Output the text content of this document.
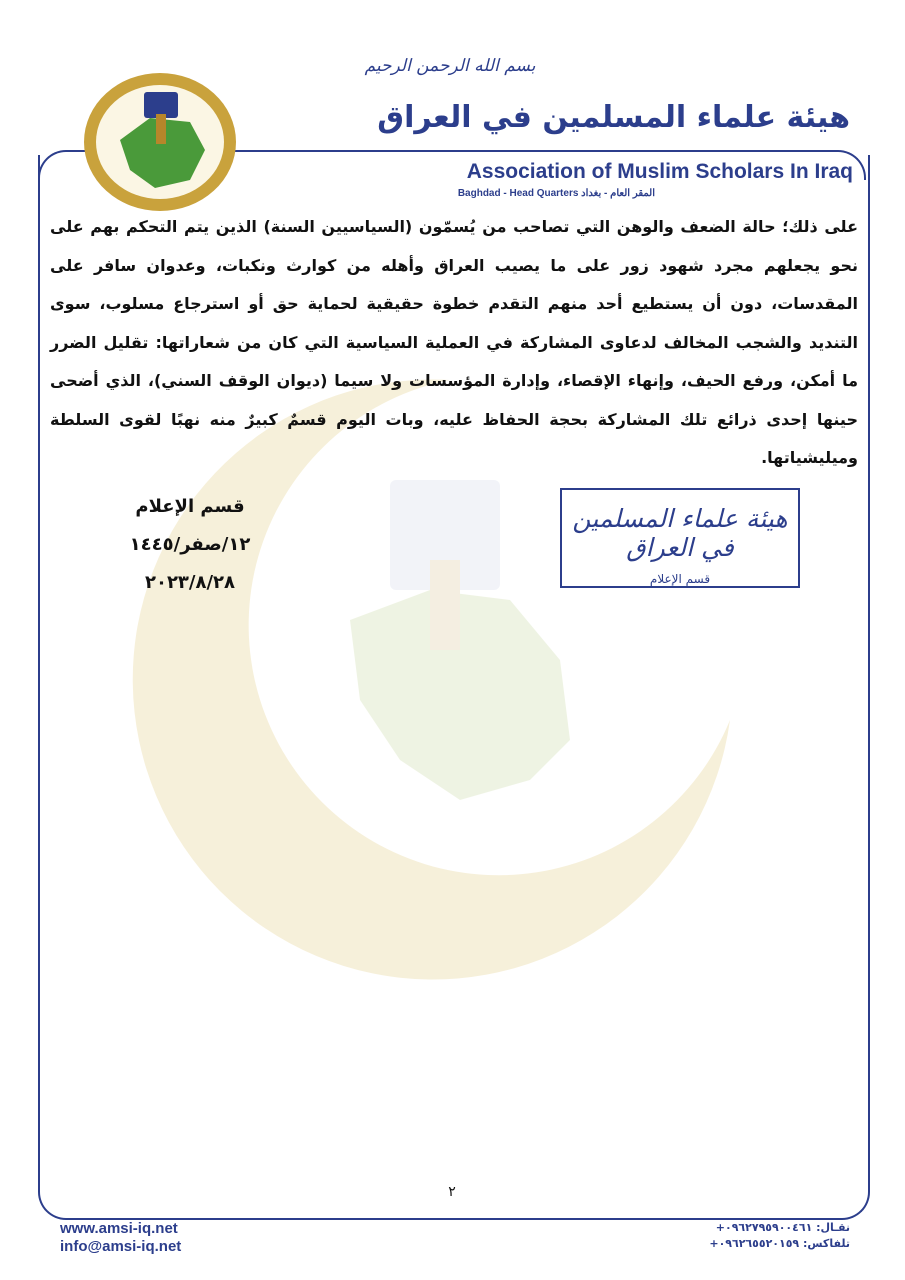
بسم الله الرحمن الرحيم
هيئة علماء المسلمين في العراق
Association of Muslim Scholars In Iraq
Baghdad - Head Quarters المقر العام - بغداد
على ذلك؛ حالة الضعف والوهن التي تصاحب من يُسمّون (السياسيين السنة) الذين يتم التحكم بهم على نحو يجعلهم مجرد شهود زور على ما يصيب العراق وأهله من كوارث ونكبات، وعدوان سافر على المقدسات، دون أن يستطيع أحد منهم التقدم خطوة حقيقية لحماية حق أو استرجاع مسلوب، سوى التنديد والشجب المخالف لدعاوى المشاركة في العملية السياسية التي كان من شعاراتها: تقليل الضرر ما أمكن، ورفع الحيف، وإنهاء الإقصاء، وإدارة المؤسسات ولا سيما (ديوان الوقف السني)، الذي أضحى حينها إحدى ذرائع تلك المشاركة بحجة الحفاظ عليه، وبات اليوم قسمٌ كبيرٌ منه نهبًا لقوى السلطة وميليشياتها.
قسم الإعلام
١٢/صفر/١٤٤٥
٢٠٢٣/٨/٢٨
هيئة علماء المسلمين في العراق
قسم الإعلام
٢
www.amsi-iq.net
info@amsi-iq.net
نقـال: ٠٩٦٢٧٩٥٩٠٠٤٦١+
تلفاكس: ٠٩٦٢٦٥٥٢٠١٥٩+
